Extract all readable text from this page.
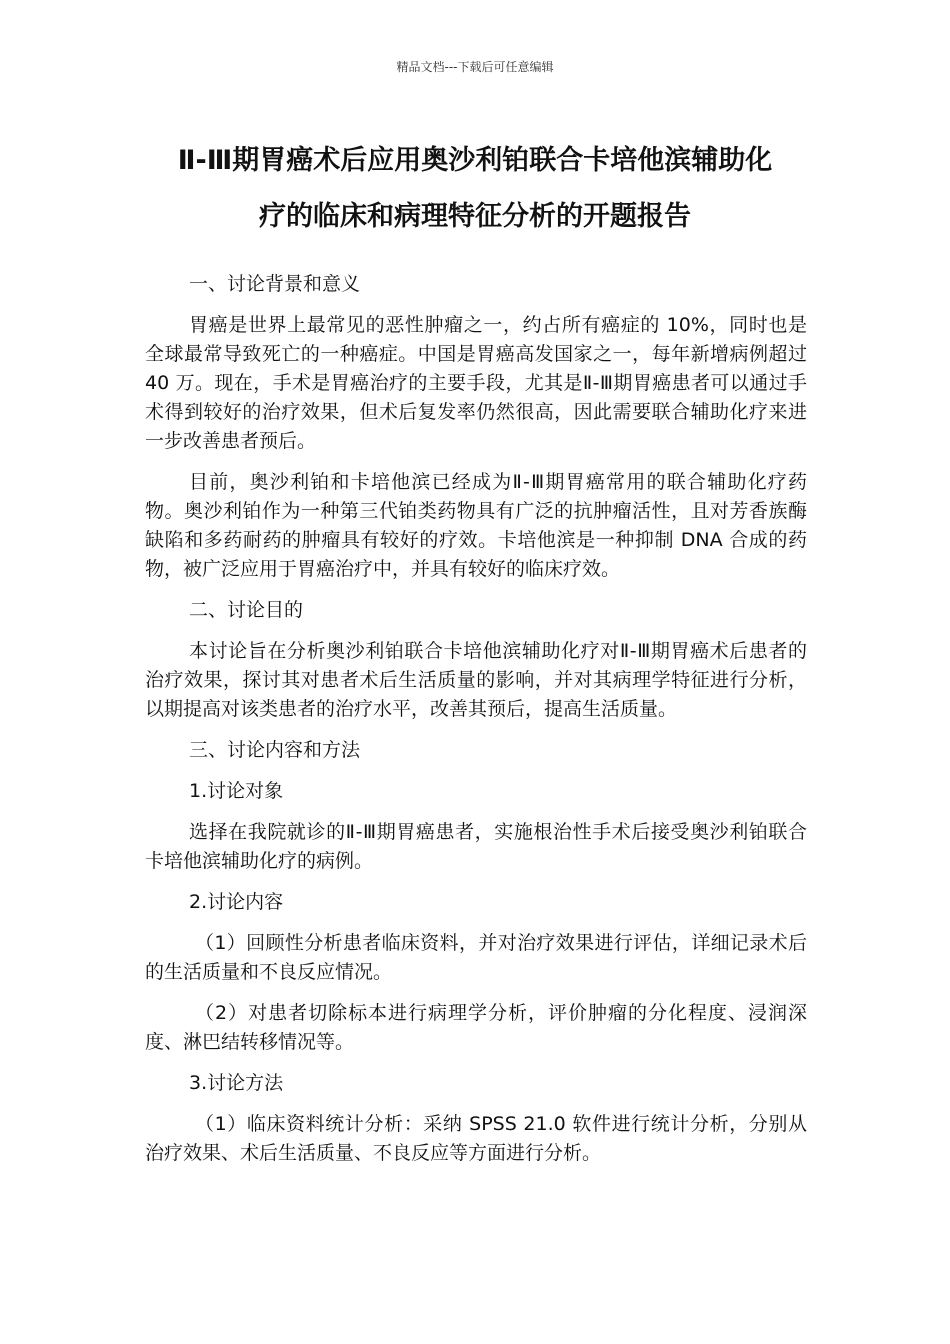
精品文档---下载后可任意编辑
Ⅱ-Ⅲ期胃癌术后应用奥沙利铂联合卡培他滨辅助化
疗的临床和病理特征分析的开题报告

一、讨论背景和意义

胃癌是世界上最常见的恶性肿瘤之一，约占所有癌症的 10%，同时也是全球最常导致死亡的一种癌症。中国是胃癌高发国家之一，每年新增病例超过 40 万。现在，手术是胃癌治疗的主要手段，尤其是Ⅱ-Ⅲ期胃癌患者可以通过手术得到较好的治疗效果，但术后复发率仍然很高，因此需要联合辅助化疗来进一步改善患者预后。

目前，奥沙利铂和卡培他滨已经成为Ⅱ-Ⅲ期胃癌常用的联合辅助化疗药物。奥沙利铂作为一种第三代铂类药物具有广泛的抗肿瘤活性，且对芳香族酶缺陷和多药耐药的肿瘤具有较好的疗效。卡培他滨是一种抑制 DNA 合成的药物，被广泛应用于胃癌治疗中，并具有较好的临床疗效。

二、讨论目的

本讨论旨在分析奥沙利铂联合卡培他滨辅助化疗对Ⅱ-Ⅲ期胃癌术后患者的治疗效果，探讨其对患者术后生活质量的影响，并对其病理学特征进行分析，以期提高对该类患者的治疗水平，改善其预后，提高生活质量。

三、讨论内容和方法

1.讨论对象

选择在我院就诊的Ⅱ-Ⅲ期胃癌患者，实施根治性手术后接受奥沙利铂联合卡培他滨辅助化疗的病例。

2.讨论内容

（1）回顾性分析患者临床资料，并对治疗效果进行评估，详细记录术后的生活质量和不良反应情况。

（2）对患者切除标本进行病理学分析，评价肿瘤的分化程度、浸润深度、淋巴结转移情况等。

3.讨论方法

（1）临床资料统计分析：采纳 SPSS 21.0 软件进行统计分析，分别从治疗效果、术后生活质量、不良反应等方面进行分析。
